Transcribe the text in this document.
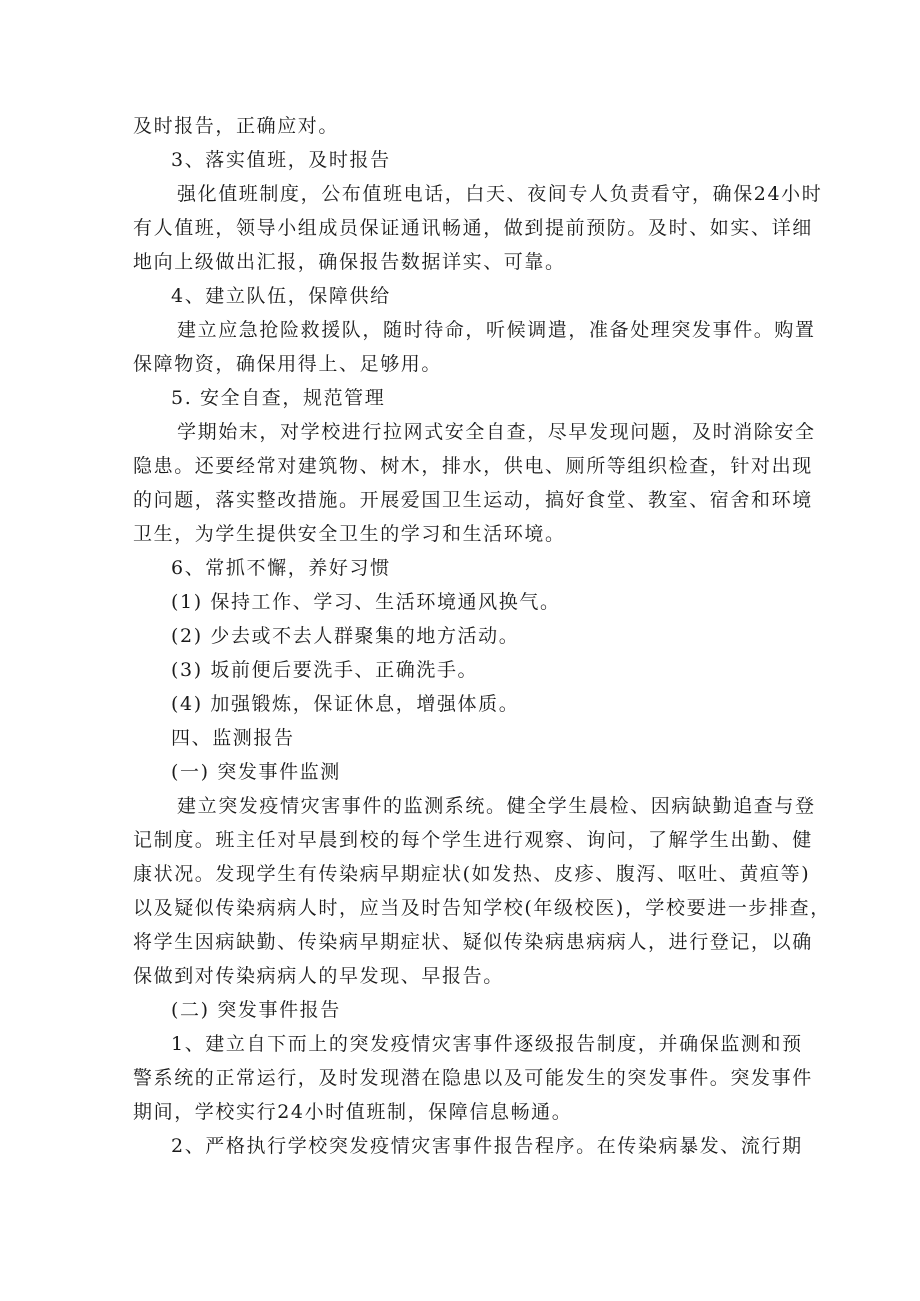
及时报告，正确应对。
3、落实值班，及时报告
强化值班制度，公布值班电话，白天、夜间专人负责看守，确保24小时
有人值班，领导小组成员保证通讯畅通，做到提前预防。及时、如实、详细
地向上级做出汇报，确保报告数据详实、可靠。
4、建立队伍，保障供给
建立应急抢险救援队，随时待命，听候调遣，准备处理突发事件。购置
保障物资，确保用得上、足够用。
5. 安全自查，规范管理
学期始末，对学校进行拉网式安全自查，尽早发现问题，及时消除安全
隐患。还要经常对建筑物、树木，排水，供电、厕所等组织检查，针对出现
的问题，落实整改措施。开展爱国卫生运动，搞好食堂、教室、宿舍和环境
卫生，为学生提供安全卫生的学习和生活环境。
6、常抓不懈，养好习惯
(1) 保持工作、学习、生活环境通风换气。
(2) 少去或不去人群聚集的地方活动。
(3) 坂前便后要洗手、正确洗手。
(4) 加强锻炼，保证休息，增强体质。
四、监测报告
(一) 突发事件监测
建立突发疫情灾害事件的监测系统。健全学生晨检、因病缺勤追查与登
记制度。班主任对早晨到校的每个学生进行观察、询问，了解学生出勤、健
康状况。发现学生有传染病早期症状(如发热、皮疹、腹泻、呕吐、黄疸等)
以及疑似传染病病人时，应当及时告知学校(年级校医)，学校要进一步排查，
将学生因病缺勤、传染病早期症状、疑似传染病患病病人，进行登记，以确
保做到对传染病病人的早发现、早报告。
(二) 突发事件报告
1、建立自下而上的突发疫情灾害事件逐级报告制度，并确保监测和预
警系统的正常运行，及时发现潜在隐患以及可能发生的突发事件。突发事件
期间，学校实行24小时值班制，保障信息畅通。
2、严格执行学校突发疫情灾害事件报告程序。在传染病暴发、流行期
